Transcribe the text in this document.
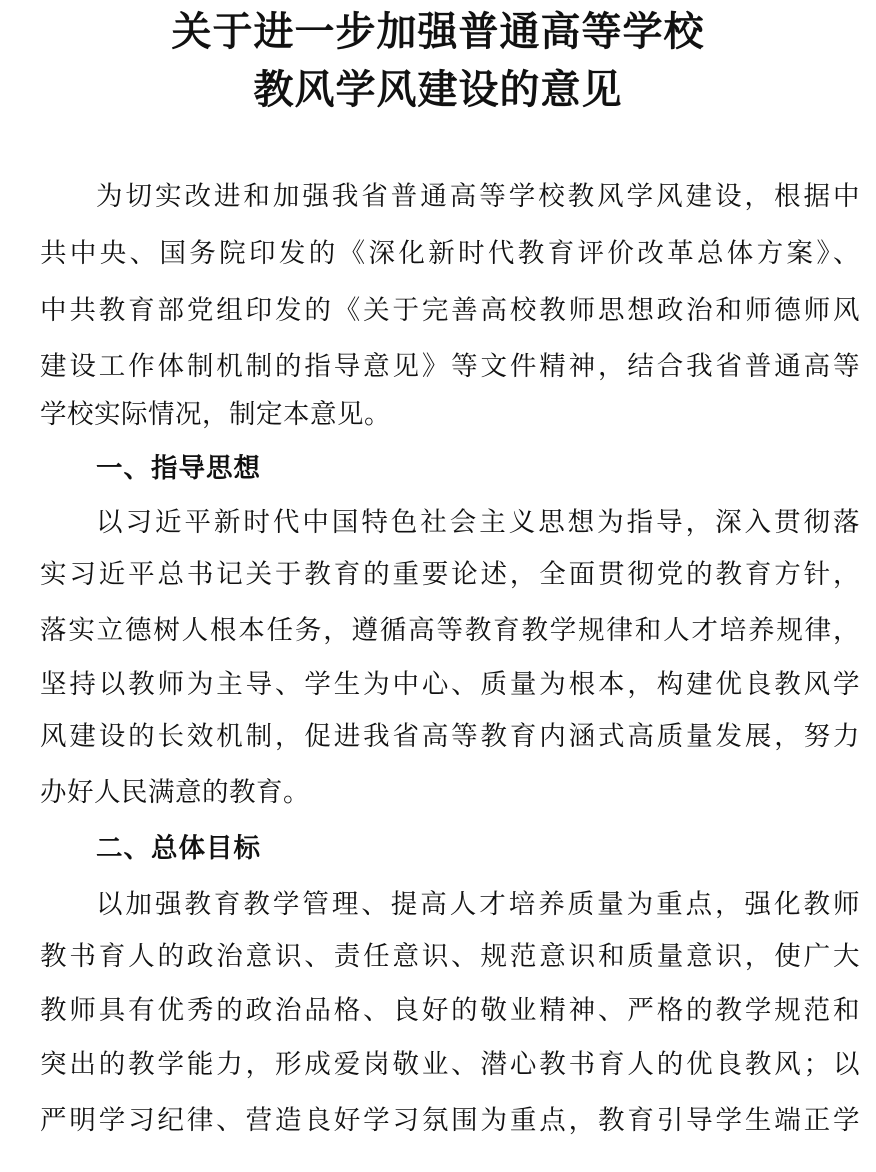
关于进一步加强普通高等学校
教风学风建设的意见
为切实改进和加强我省普通高等学校教风学风建设，根据中
共中央、国务院印发的《深化新时代教育评价改革总体方案》、
中共教育部党组印发的《关于完善高校教师思想政治和师德师风
建设工作体制机制的指导意见》等文件精神，结合我省普通高等
学校实际情况，制定本意见。
一、指导思想
以习近平新时代中国特色社会主义思想为指导，深入贯彻落
实习近平总书记关于教育的重要论述，全面贯彻党的教育方针，
落实立德树人根本任务，遵循高等教育教学规律和人才培养规律，
坚持以教师为主导、学生为中心、质量为根本，构建优良教风学
风建设的长效机制，促进我省高等教育内涵式高质量发展，努力
办好人民满意的教育。
二、总体目标
以加强教育教学管理、提高人才培养质量为重点，强化教师
教书育人的政治意识、责任意识、规范意识和质量意识，使广大
教师具有优秀的政治品格、良好的敬业精神、严格的教学规范和
突出的教学能力，形成爱岗敬业、潜心教书育人的优良教风；以
严明学习纪律、营造良好学习氛围为重点，教育引导学生端正学
